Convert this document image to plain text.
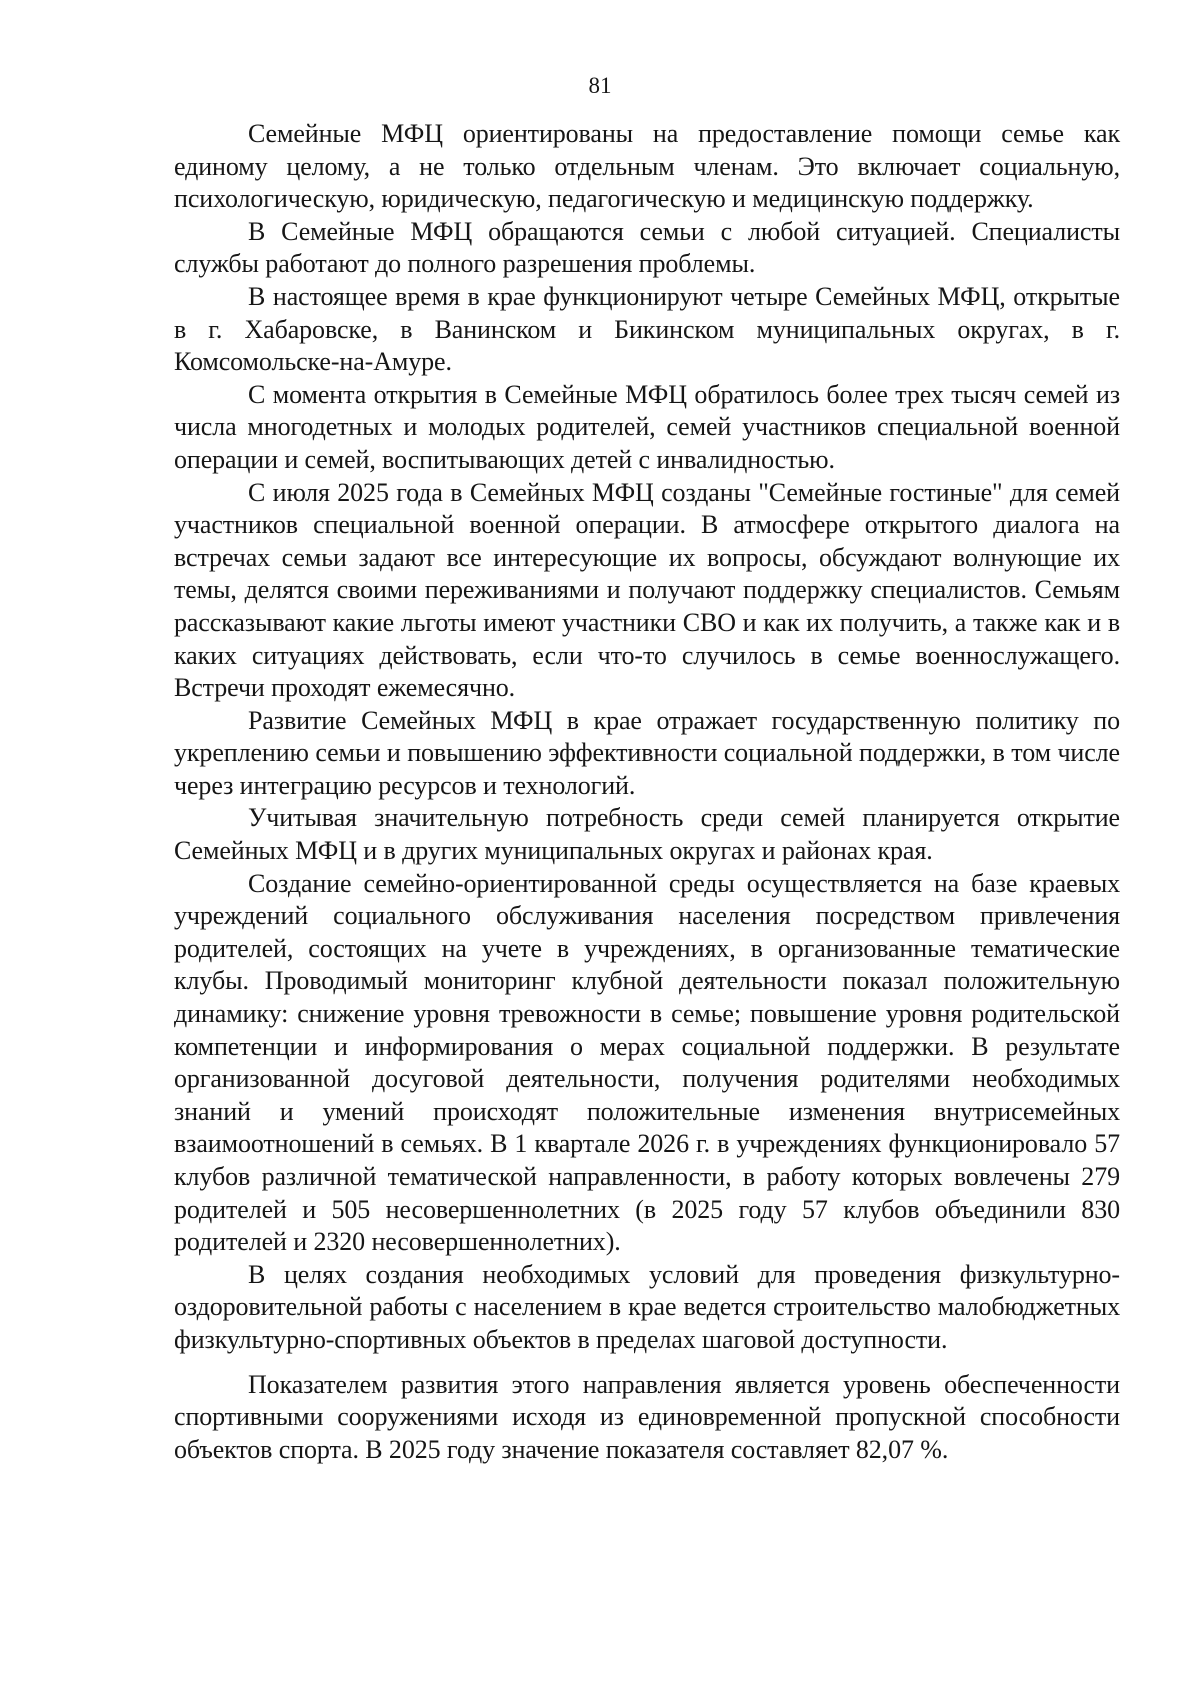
81

Семейные МФЦ ориентированы на предоставление помощи семье как единому целому, а не только отдельным членам. Это включает социальную, психологическую, юридическую, педагогическую и медицинскую поддержку.

В Семейные МФЦ обращаются семьи с любой ситуацией. Специалисты службы работают до полного разрешения проблемы.

В настоящее время в крае функционируют четыре Семейных МФЦ, открытые в г. Хабаровске, в Ванинском и Бикинском муниципальных округах, в г. Комсомольске-на-Амуре.

С момента открытия в Семейные МФЦ обратилось более трех тысяч семей из числа многодетных и молодых родителей, семей участников специальной военной операции и семей, воспитывающих детей с инвалидностью.

С июля 2025 года в Семейных МФЦ созданы "Семейные гостиные" для семей участников специальной военной операции. В атмосфере открытого диалога на встречах семьи задают все интересующие их вопросы, обсуждают волнующие их темы, делятся своими переживаниями и получают поддержку специалистов. Семьям рассказывают какие льготы имеют участники СВО и как их получить, а также как и в каких ситуациях действовать, если что-то случилось в семье военнослужащего. Встречи проходят ежемесячно.

Развитие Семейных МФЦ в крае отражает государственную политику по укреплению семьи и повышению эффективности социальной поддержки, в том числе через интеграцию ресурсов и технологий.

Учитывая значительную потребность среди семей планируется открытие Семейных МФЦ и в других муниципальных округах и районах края.

Создание семейно-ориентированной среды осуществляется на базе краевых учреждений социального обслуживания населения посредством привлечения родителей, состоящих на учете в учреждениях, в организованные тематические клубы. Проводимый мониторинг клубной деятельности показал положительную динамику: снижение уровня тревожности в семье; повышение уровня родительской компетенции и информирования о мерах социальной поддержки. В результате организованной досуговой деятельности, получения родителями необходимых знаний и умений происходят положительные изменения внутрисемейных взаимоотношений в семьях. В 1 квартале 2026 г. в учреждениях функционировало 57 клубов различной тематической направленности, в работу которых вовлечены 279 родителей и 505 несовершеннолетних (в 2025 году 57 клубов объединили 830 родителей и 2320 несовершеннолетних).

В целях создания необходимых условий для проведения физкультурно-оздоровительной работы с населением в крае ведется строительство малобюджетных физкультурно-спортивных объектов в пределах шаговой доступности.

Показателем развития этого направления является уровень обеспеченности спортивными сооружениями исходя из единовременной пропускной способности объектов спорта. В 2025 году значение показателя составляет 82,07 %.
